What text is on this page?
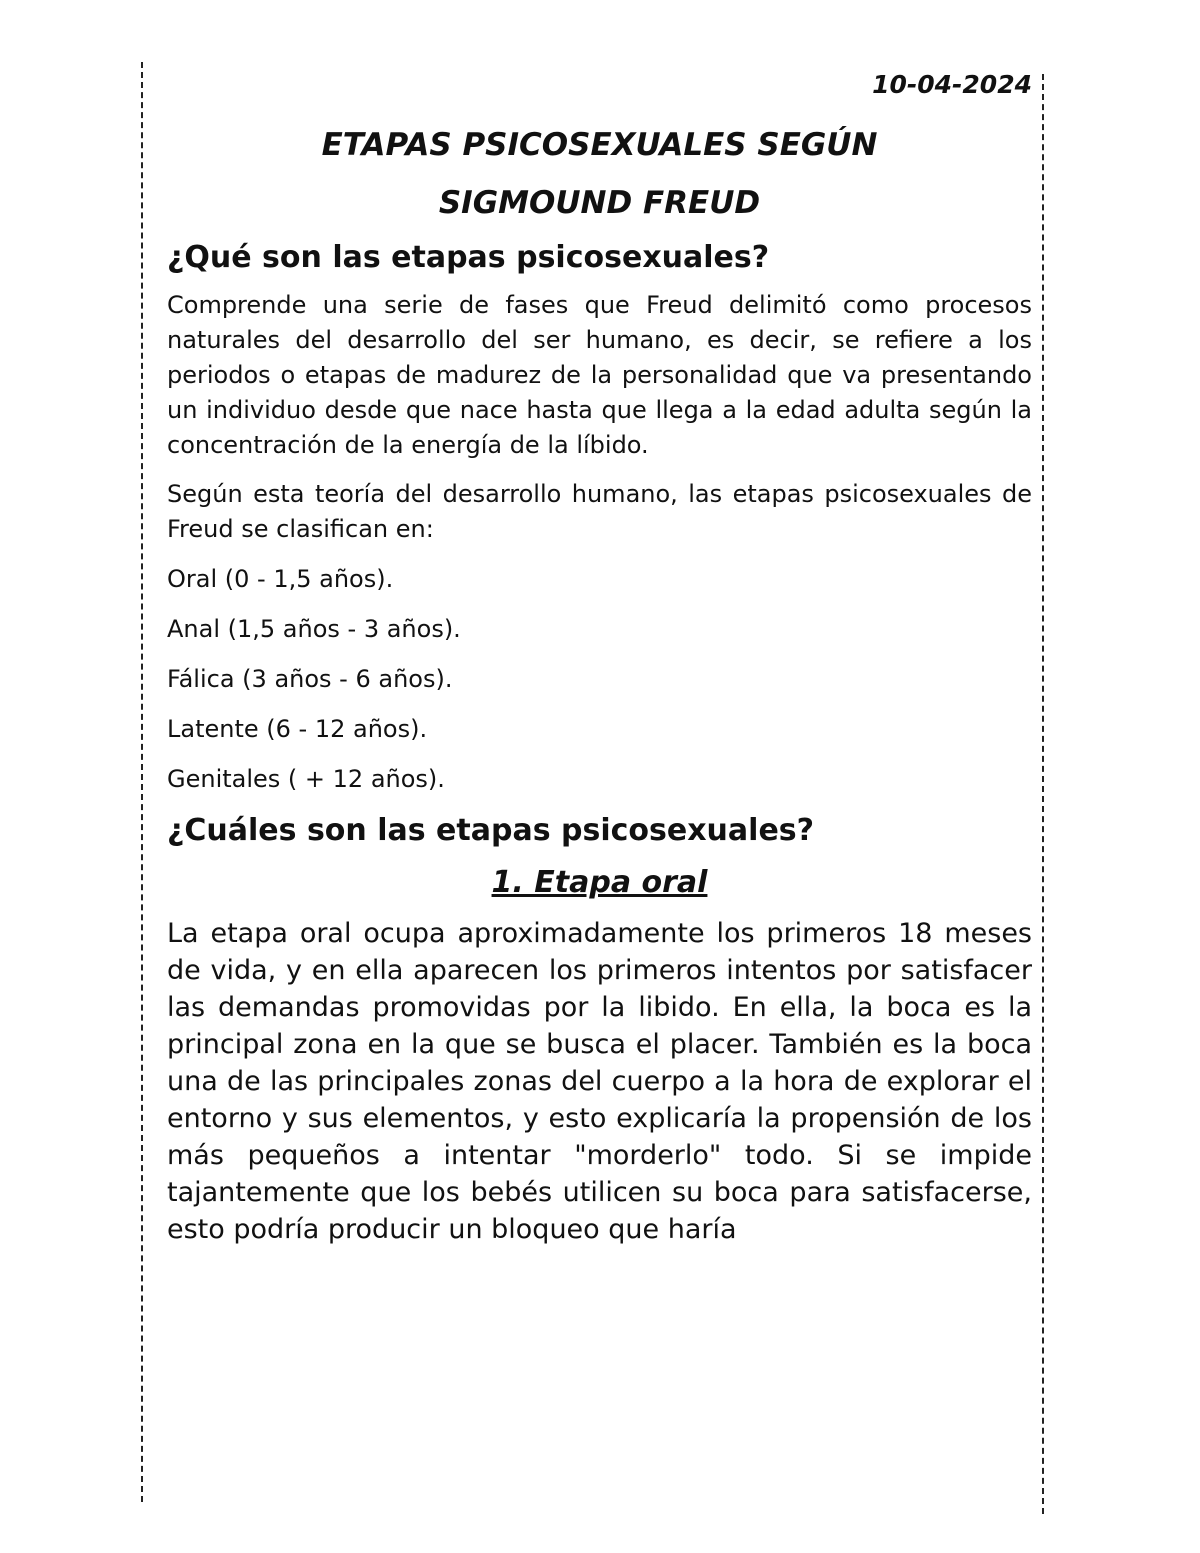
10-04-2024

ETAPAS PSICOSEXUALES SEGÚN

SIGMOUND FREUD

¿Qué son las etapas psicosexuales?

Comprende una serie de fases que Freud delimitó como procesos naturales del desarrollo del ser humano, es decir, se refiere a los periodos o etapas de madurez de la personalidad que va presentando un individuo desde que nace hasta que llega a la edad adulta según la concentración de la energía de la líbido.

Según esta teoría del desarrollo humano, las etapas psicosexuales de Freud se clasifican en:

Oral (0 - 1,5 años).

Anal (1,5 años - 3 años).

Fálica (3 años - 6 años).

Latente (6 - 12 años).

Genitales ( + 12 años).

¿Cuáles son las etapas psicosexuales?
1. Etapa oral

La etapa oral ocupa aproximadamente los primeros 18 meses de vida, y en ella aparecen los primeros intentos por satisfacer las demandas promovidas por la libido. En ella, la boca es la principal zona en la que se busca el placer. También es la boca una de las principales zonas del cuerpo a la hora de explorar el entorno y sus elementos, y esto explicaría la propensión de los más pequeños a intentar "morderlo" todo. Si se impide tajantemente que los bebés utilicen su boca para satisfacerse, esto podría producir un bloqueo que haría
